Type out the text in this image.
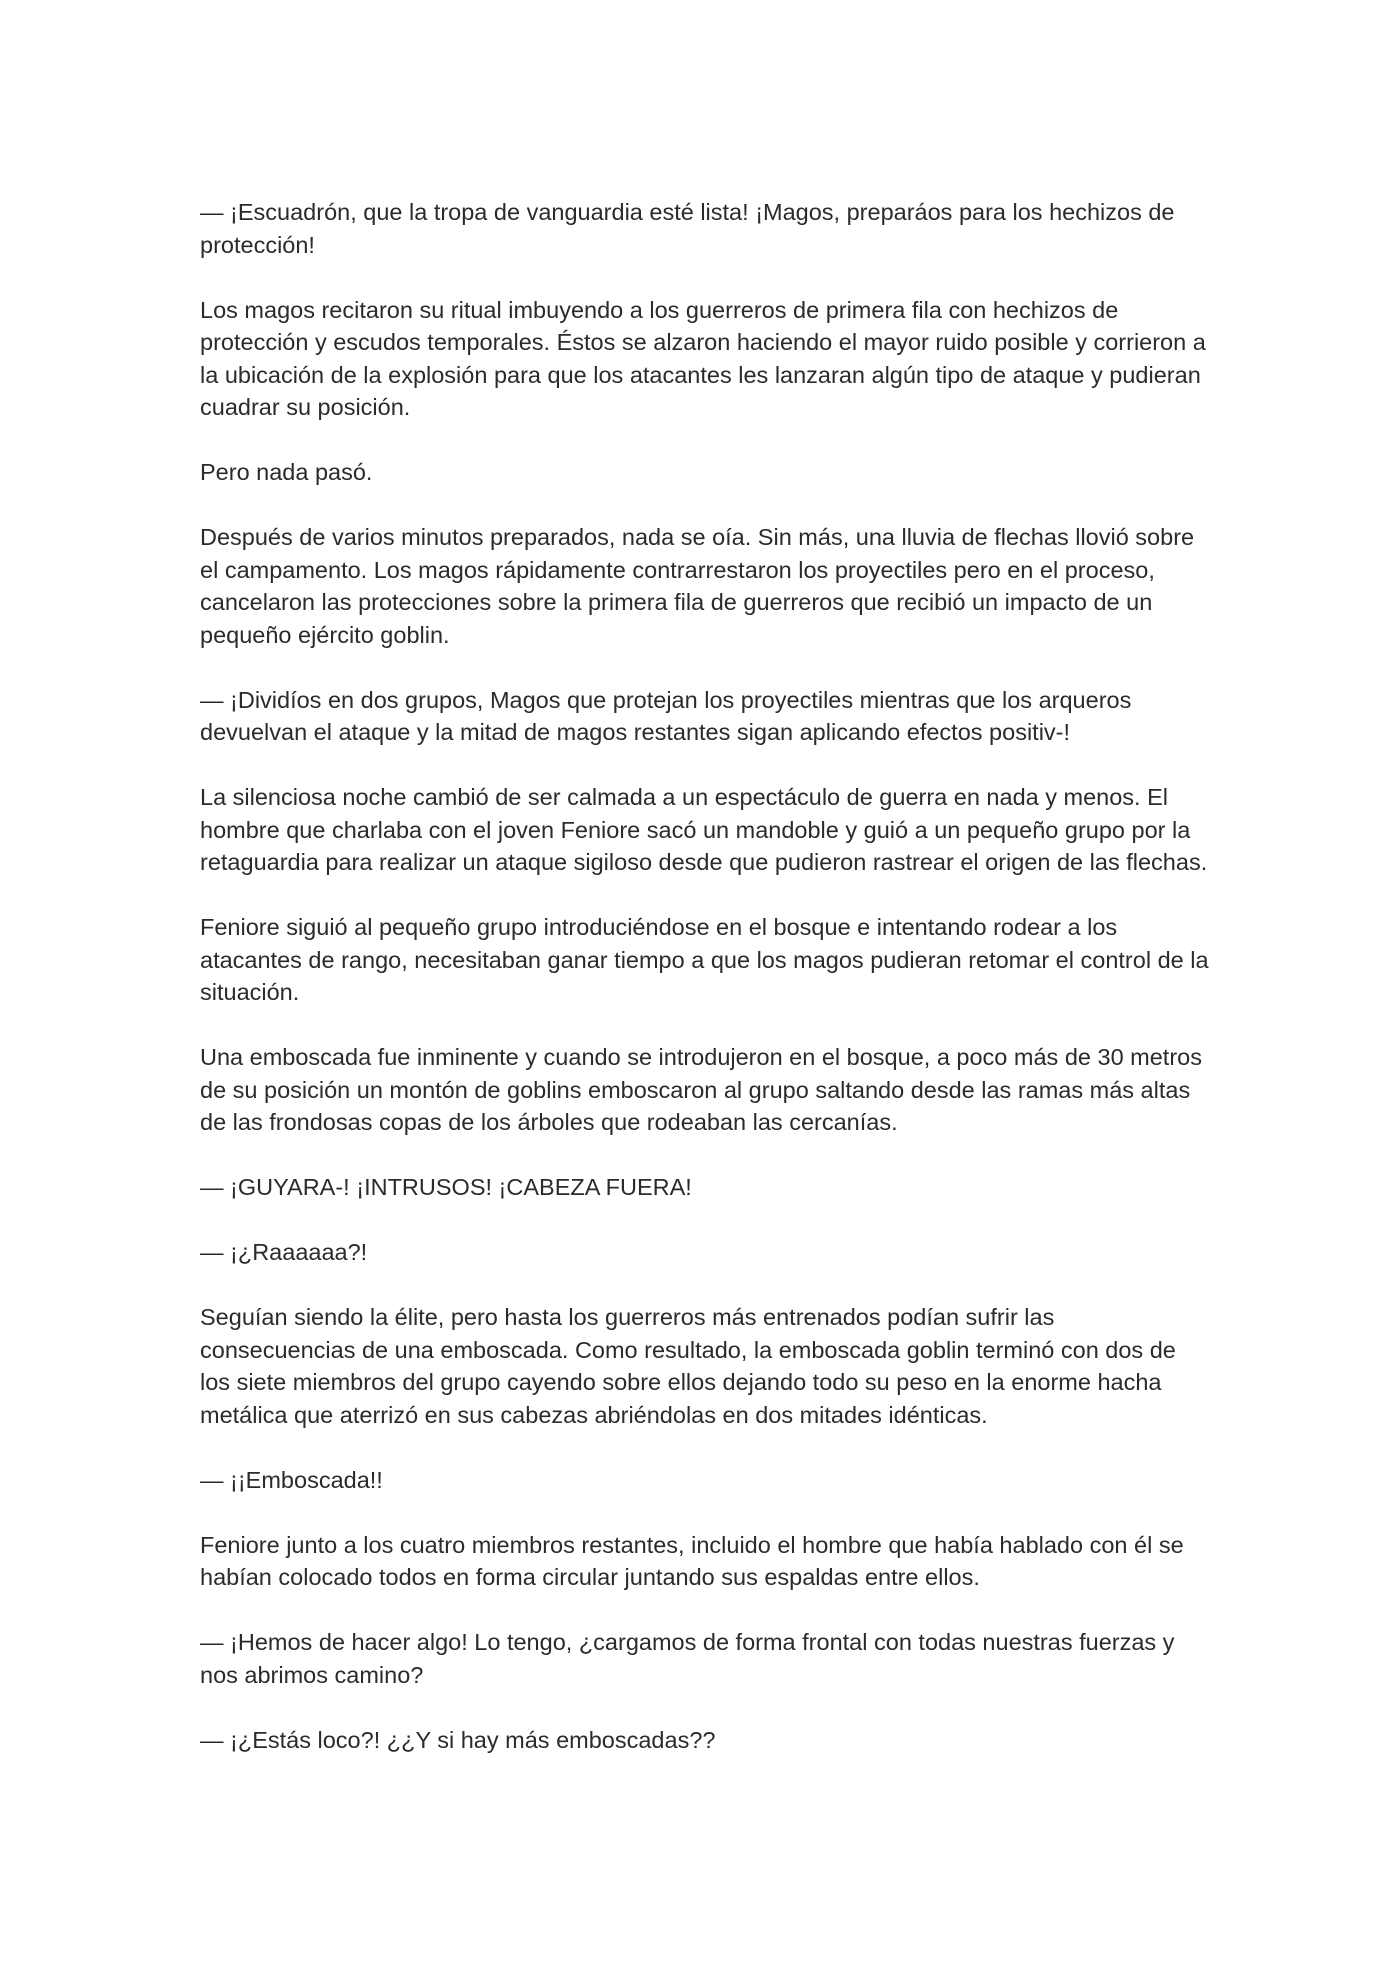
— ¡Escuadrón, que la tropa de vanguardia esté lista! ¡Magos, preparáos para los hechizos de protección!

Los magos recitaron su ritual imbuyendo a los guerreros de primera fila con hechizos de protección y escudos temporales. Éstos se alzaron haciendo el mayor ruido posible y corrieron a la ubicación de la explosión para que los atacantes les lanzaran algún tipo de ataque y pudieran cuadrar su posición.

Pero nada pasó.

Después de varios minutos preparados, nada se oía. Sin más, una lluvia de flechas llovió sobre el campamento. Los magos rápidamente contrarrestaron los proyectiles pero en el proceso, cancelaron las protecciones sobre la primera fila de guerreros que recibió un impacto de un pequeño ejército goblin.

— ¡Dividíos en dos grupos, Magos que protejan los proyectiles mientras que los arqueros devuelvan el ataque y la mitad de magos restantes sigan aplicando efectos positiv-!

La silenciosa noche cambió de ser calmada a un espectáculo de guerra en nada y menos. El hombre que charlaba con el joven Feniore sacó un mandoble y guió a un pequeño grupo por la retaguardia para realizar un ataque sigiloso desde que pudieron rastrear el origen de las flechas.

Feniore siguió al pequeño grupo introduciéndose en el bosque e intentando rodear a los atacantes de rango, necesitaban ganar tiempo a que los magos pudieran retomar el control de la situación.

Una emboscada fue inminente y cuando se introdujeron en el bosque, a poco más de 30 metros de su posición un montón de goblins emboscaron al grupo saltando desde las ramas más altas de las frondosas copas de los árboles que rodeaban las cercanías.

— ¡GUYARA-! ¡INTRUSOS! ¡CABEZA FUERA!

— ¡¿Raaaaaa?!

Seguían siendo la élite, pero hasta los guerreros más entrenados podían sufrir las consecuencias de una emboscada. Como resultado, la emboscada goblin terminó con dos de los siete miembros del grupo cayendo sobre ellos dejando todo su peso en la enorme hacha metálica que aterrizó en sus cabezas abriéndolas en dos mitades idénticas.

— ¡¡Emboscada!!

Feniore junto a los cuatro miembros restantes, incluido el hombre que había hablado con él se habían colocado todos en forma circular juntando sus espaldas entre ellos.

— ¡Hemos de hacer algo! Lo tengo, ¿cargamos de forma frontal con todas nuestras fuerzas y nos abrimos camino?

— ¡¿Estás loco?! ¿¿Y si hay más emboscadas??
